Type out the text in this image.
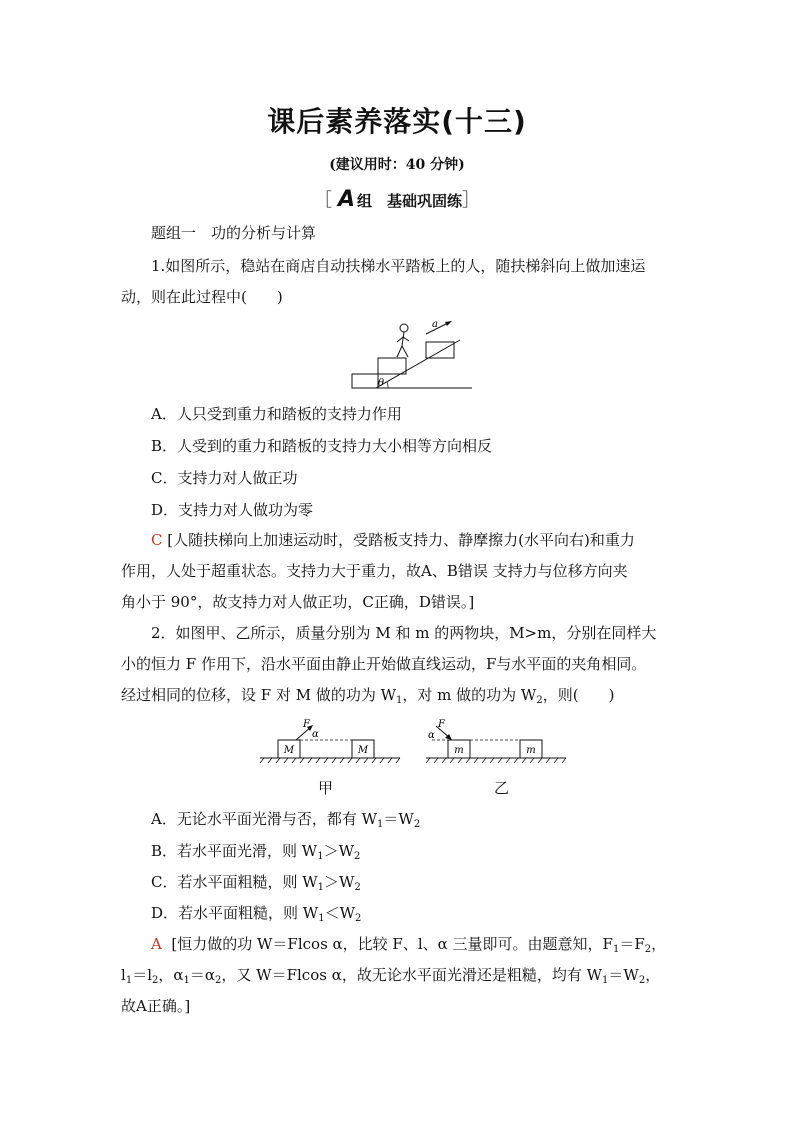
课后素养落实(十三)
(建议用时：40 分钟)
［ A 组　基础巩固练］
题组一　功的分析与计算
1.如图所示，稳站在商店自动扶梯水平踏板上的人，随扶梯斜向上做加速运
动，则在此过程中(　　)
a
θ
A．人只受到重力和踏板的支持力作用
B．人受到的重力和踏板的支持力大小相等方向相反
C．支持力对人做正功
D．支持力对人做功为零
C [人随扶梯向上加速运动时，受踏板支持力、静摩擦力(水平向右)和重力
作用，人处于超重状态。支持力大于重力，故A、B错误 支持力与位移方向夹
角小于 90°，故支持力对人做正功，C正确，D错误。]
2．如图甲、乙所示，质量分别为 M 和 m 的两物块，M>m，分别在同样大
小的恒力 F 作用下，沿水平面由静止开始做直线运动，F与水平面的夹角相同。
经过相同的位移，设 F 对 M 做的功为 $W_1$，对 m 做的功为 $W_2$，则(　　)
F
α
M	M
F
α
m	m
甲	乙
A．无论水平面光滑与否，都有 $W_1=W_2$
B．若水平面光滑，则 $W_1>W_2$
C．若水平面粗糙，则 $W_1>W_2$
D．若水平面粗糙，则 $W_1<W_2$
A [恒力做的功 W＝Flcos α，比较 F、l、α 三量即可。由题意知，$F_1=F_2$，
$l_1=l_2$，$\alpha_1=\alpha_2$，又 W＝Flcos α，故无论水平面光滑还是粗糙，均有 $W_1=W_2$，
故A正确。]
